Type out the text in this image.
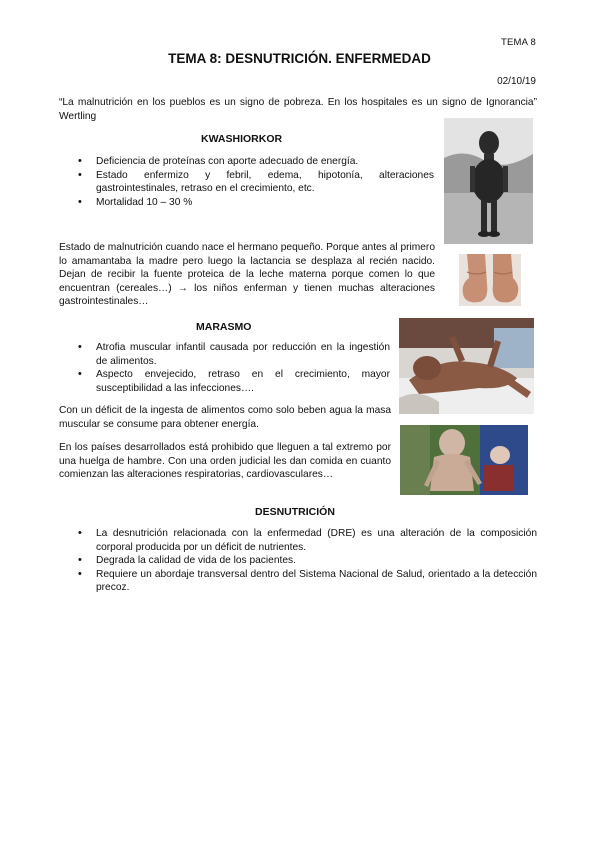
TEMA 8
TEMA 8: DESNUTRICIÓN. ENFERMEDAD
02/10/19

“La malnutrición en los pueblos es un signo de pobreza. En los hospitales es un signo de Ignorancia” Wertling

KWASHIORKOR
• Deficiencia de proteínas con aporte adecuado de energía.
• Estado enfermizo y febril, edema, hipotonía, alteraciones gastrointestinales, retraso en el crecimiento, etc.
• Mortalidad 10 – 30 %

Estado de malnutrición cuando nace el hermano pequeño. Porque antes al primero lo amamantaba la madre pero luego la lactancia se desplaza al recién nacido. Dejan de recibir la fuente proteica de la leche materna porque comen lo que encuentran (cereales…) → los niños enferman y tienen muchas alteraciones gastrointestinales…

MARASMO
• Atrofia muscular infantil causada por reducción en la ingestión de alimentos.
• Aspecto envejecido, retraso en el crecimiento, mayor susceptibilidad a las infecciones….

Con un déficit de la ingesta de alimentos como solo beben agua la masa muscular se consume para obtener energía.

En los países desarrollados está prohibido que lleguen a tal extremo por una huelga de hambre. Con una orden judicial les dan comida en cuanto comienzan las alteraciones respiratorias, cardiovasculares…

DESNUTRICIÓN
• La desnutrición relacionada con la enfermedad (DRE) es una alteración de la composición corporal producida por un déficit de nutrientes.
• Degrada la calidad de vida de los pacientes.
• Requiere un abordaje transversal dentro del Sistema Nacional de Salud, orientado a la detección precoz.
